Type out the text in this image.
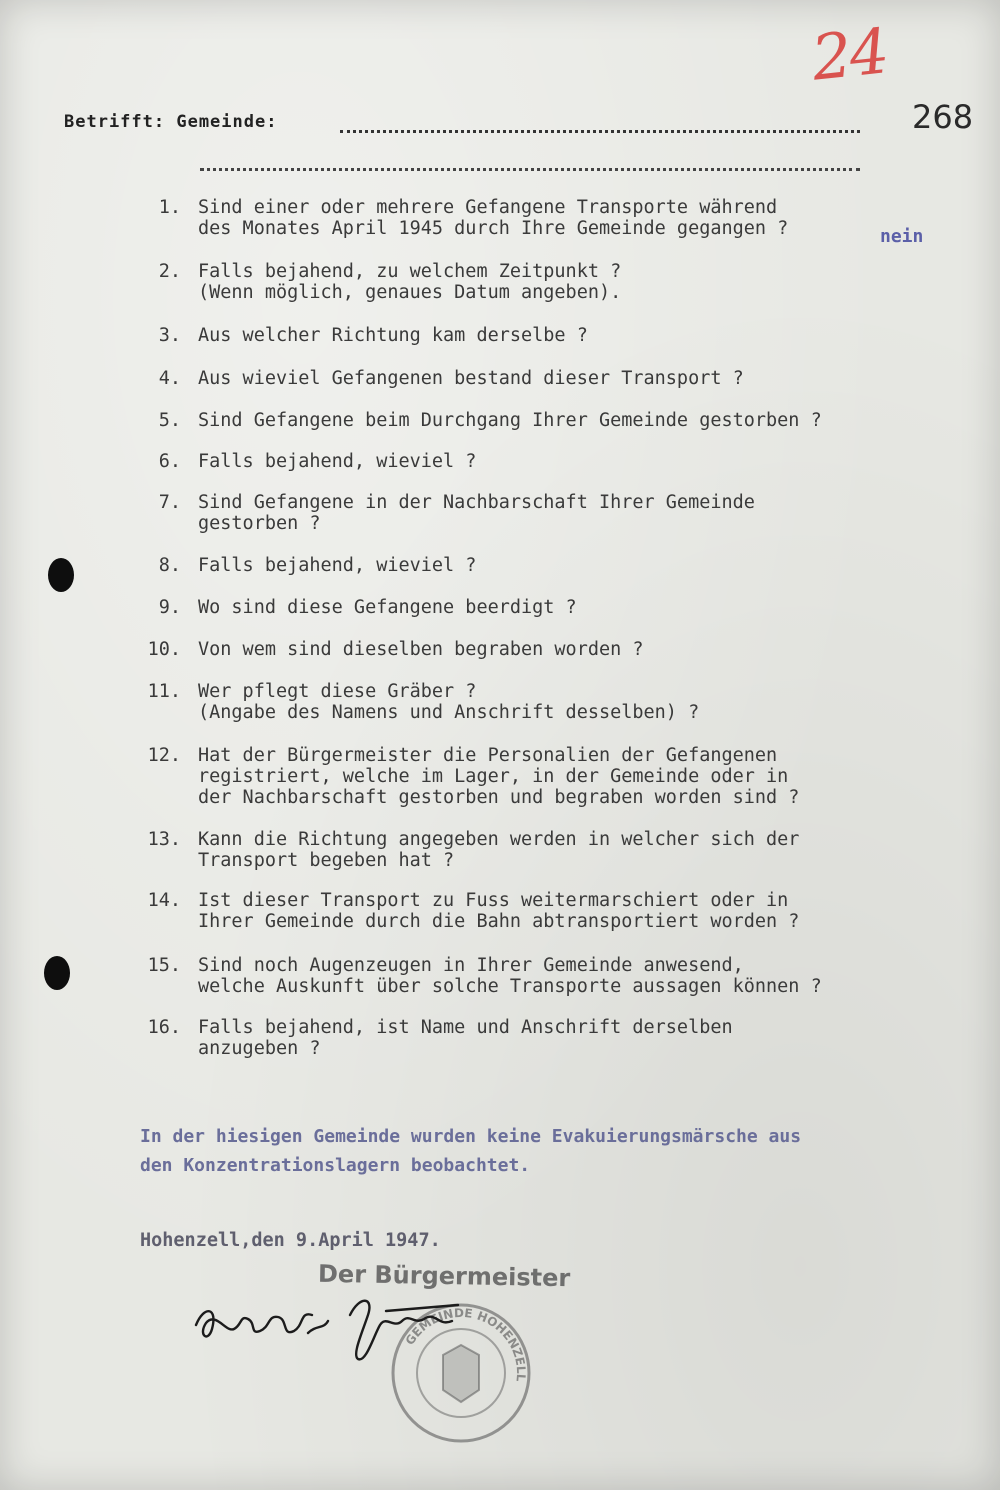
24
268
Betrifft: Gemeinde:
1. Sind einer oder mehrere Gefangene Transporte während
des Monates April 1945 durch Ihre Gemeinde gegangen ?	nein
2. Falls bejahend, zu welchem Zeitpunkt ?
(Wenn möglich, genaues Datum angeben).
3. Aus welcher Richtung kam derselbe ?
4. Aus wieviel Gefangenen bestand dieser Transport ?
5. Sind Gefangene beim Durchgang Ihrer Gemeinde gestorben ?
6. Falls bejahend, wieviel ?
7. Sind Gefangene in der Nachbarschaft Ihrer Gemeinde
gestorben ?
8. Falls bejahend, wieviel ?
9. Wo sind diese Gefangene beerdigt ?
10. Von wem sind dieselben begraben worden ?
11. Wer pflegt diese Gräber ?
(Angabe des Namens und Anschrift desselben) ?
12. Hat der Bürgermeister die Personalien der Gefangenen
registriert, welche im Lager, in der Gemeinde oder in
der Nachbarschaft gestorben und begraben worden sind ?
13. Kann die Richtung angegeben werden in welcher sich der
Transport begeben hat ?
14. Ist dieser Transport zu Fuss weitermarschiert oder in
Ihrer Gemeinde durch die Bahn abtransportiert worden ?
15. Sind noch Augenzeugen in Ihrer Gemeinde anwesend,
welche Auskunft über solche Transporte aussagen können ?
16. Falls bejahend, ist Name und Anschrift derselben
anzugeben ?
In der hiesigen Gemeinde wurden keine Evakuierungsmärsche aus
den Konzentrationslagern beobachtet.
Hohenzell,den 9.April 1947.
Der Bürgermeister
GEMEINDE HOHENZELL
